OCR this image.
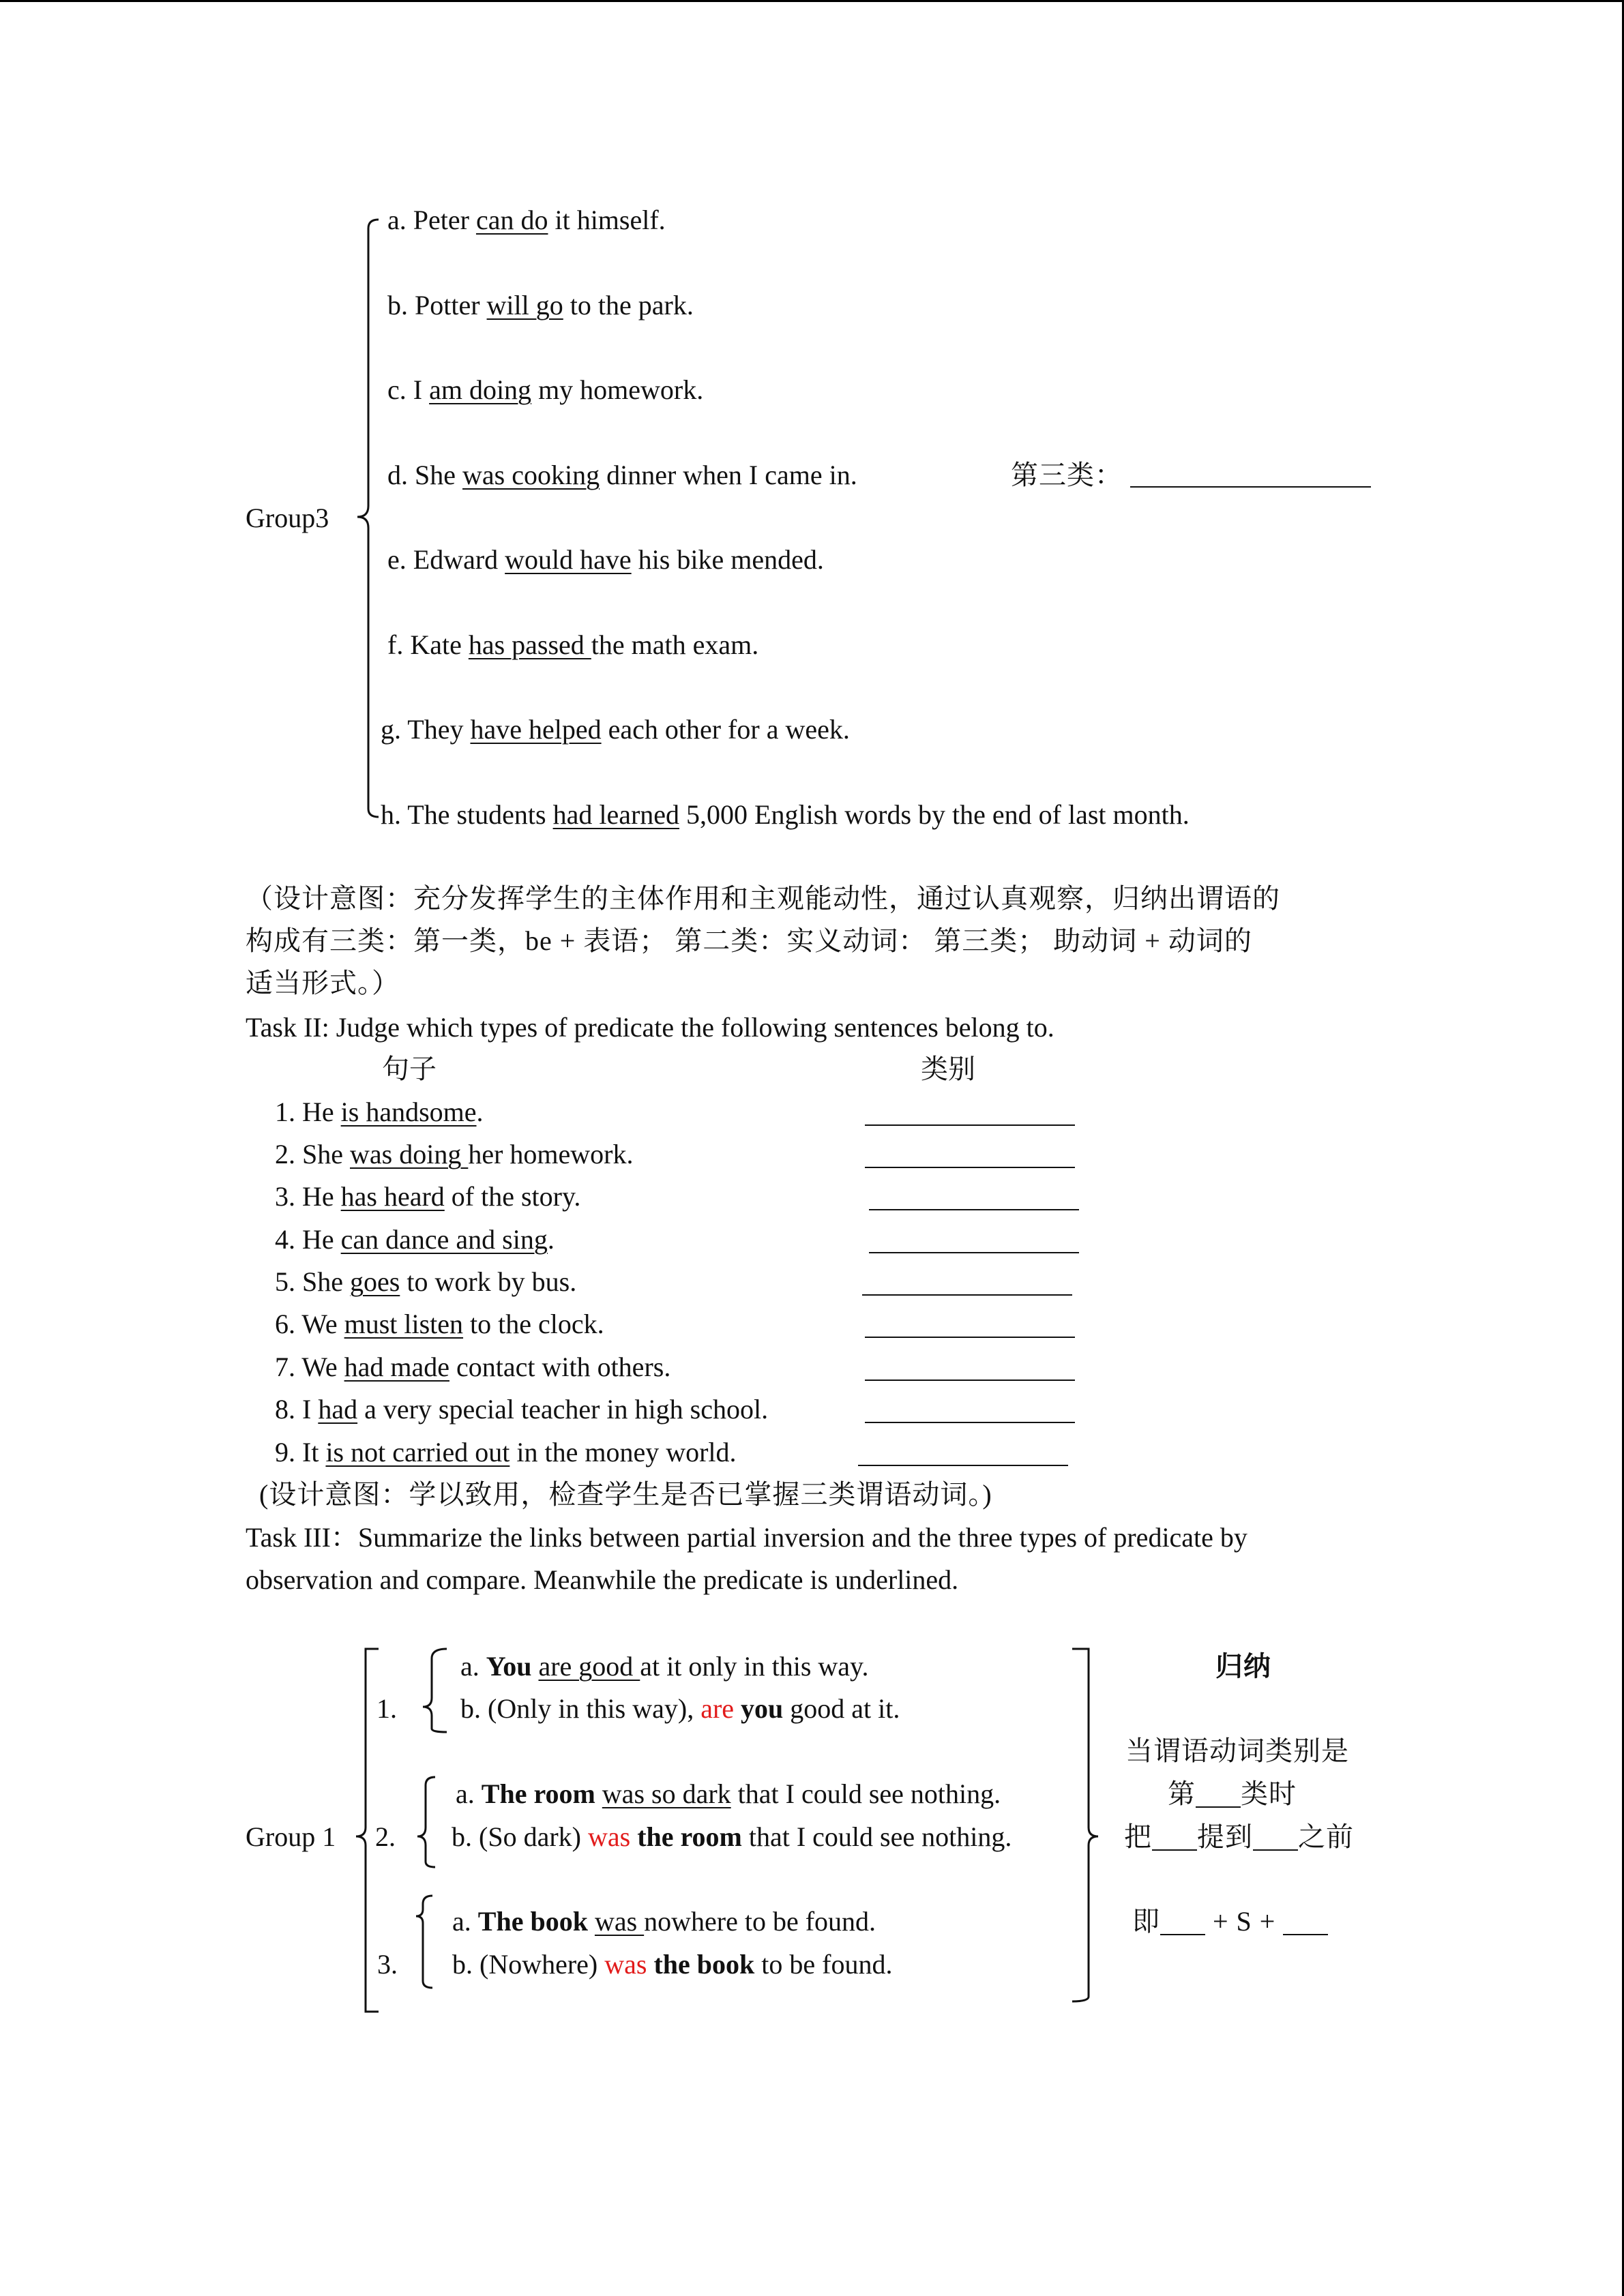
Group3
a. Peter can do it himself.
b. Potter will go to the park.
c. I am doing my homework.
d. She was cooking dinner when I came in.	第三类：
e. Edward would have his bike mended.
f. Kate has passed the math exam.
g. They have helped each other for a week.
h. The students had learned 5,000 English words by the end of last month.
（设计意图：充分发挥学生的主体作用和主观能动性，通过认真观察，归纳出谓语的
构成有三类：第一类，be + 表语； 第二类：实义动词： 第三类； 助动词 + 动词的
适当形式。）
Task II: Judge which types of predicate the following sentences belong to.
句子	类别
1. He is handsome.
2. She was doing her homework.
3. He has heard of the story.
4. He can dance and sing.
5. She goes to work by bus.
6. We must listen to the clock.
7. We had made contact with others.
8. I had a very special teacher in high school.
9. It is not carried out in the money world.
(设计意图：学以致用，检查学生是否已掌握三类谓语动词。)
Task III：Summarize the links between partial inversion and the three types of predicate by
observation and compare. Meanwhile the predicate is underlined.
Group 1
1.
a. You are good at it only in this way.
b. (Only in this way), are you good at it.
2.
a. The room was so dark that I could see nothing.
b. (So dark) was the room that I could see nothing.
3.
a. The book was nowhere to be found.
b. (Nowhere) was the book to be found.
归纳
当谓语动词类别是
第 类时
把 提到 之前
即 + S +
